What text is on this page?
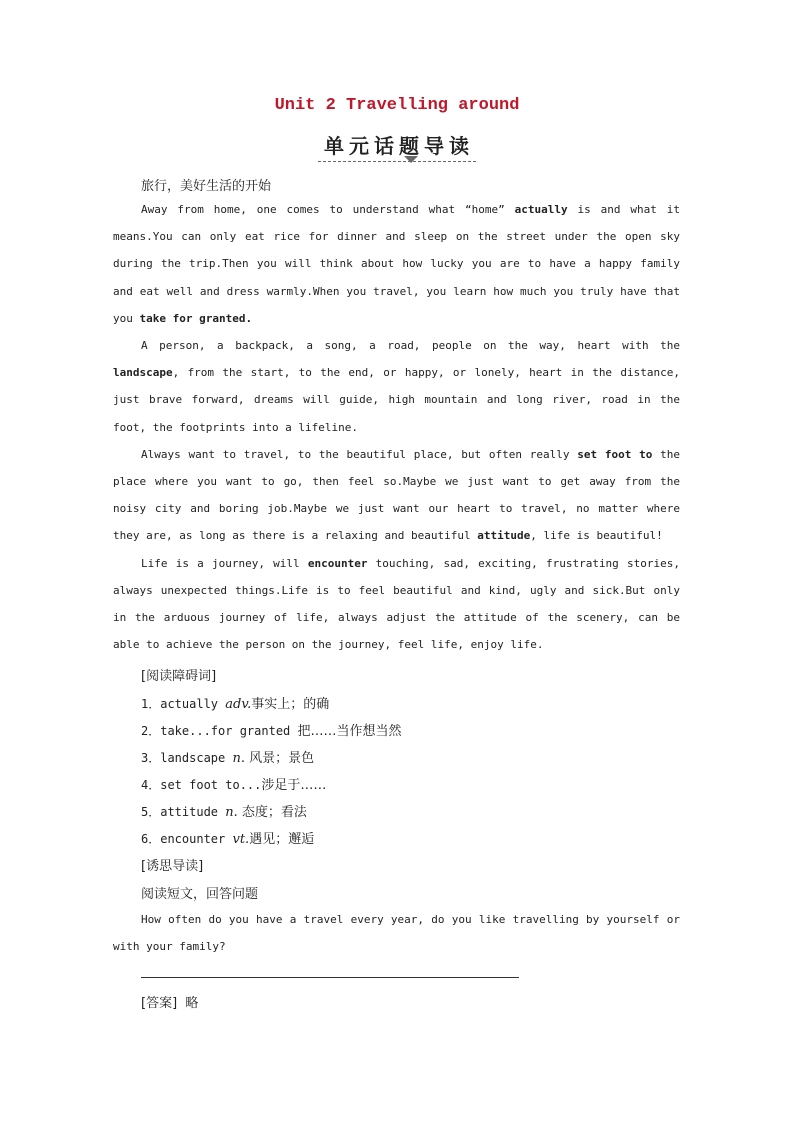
Unit 2 Travelling around
单元话题导读
旅行，美好生活的开始

Away from home, one comes to understand what “home” actually is and what it means.You can only eat rice for dinner and sleep on the street under the open sky during the trip.Then you will think about how lucky you are to have a happy family and eat well and dress warmly.When you travel, you learn how much you truly have that you take for granted.

A person, a backpack, a song, a road, people on the way, heart with the landscape, from the start, to the end, or happy, or lonely, heart in the distance, just brave forward, dreams will guide, high mountain and long river, road in the foot, the footprints into a lifeline.

Always want to travel, to the beautiful place, but often really set foot to the place where you want to go, then feel so.Maybe we just want to get away from the noisy city and boring job.Maybe we just want our heart to travel, no matter where they are, as long as there is a relaxing and beautiful attitude, life is beautiful!

Life is a journey, will encounter touching, sad, exciting, frustrating stories, always unexpected things.Life is to feel beautiful and kind, ugly and sick.But only in the arduous journey of life, always adjust the attitude of the scenery, can be able to achieve the person on the journey, feel life, enjoy life.

[阅读障碍词]
1．actually adv.事实上；的确
2．take...for granted 把……当作想当然
3．landscape n. 风景；景色
4．set foot to...涉足于……
5．attitude n. 态度；看法
6．encounter vt.遇见；邂逅
[诱思导读]
阅读短文，回答问题

How often do you have a travel every year, do you like travelling by yourself or with your family?

[答案] 略
